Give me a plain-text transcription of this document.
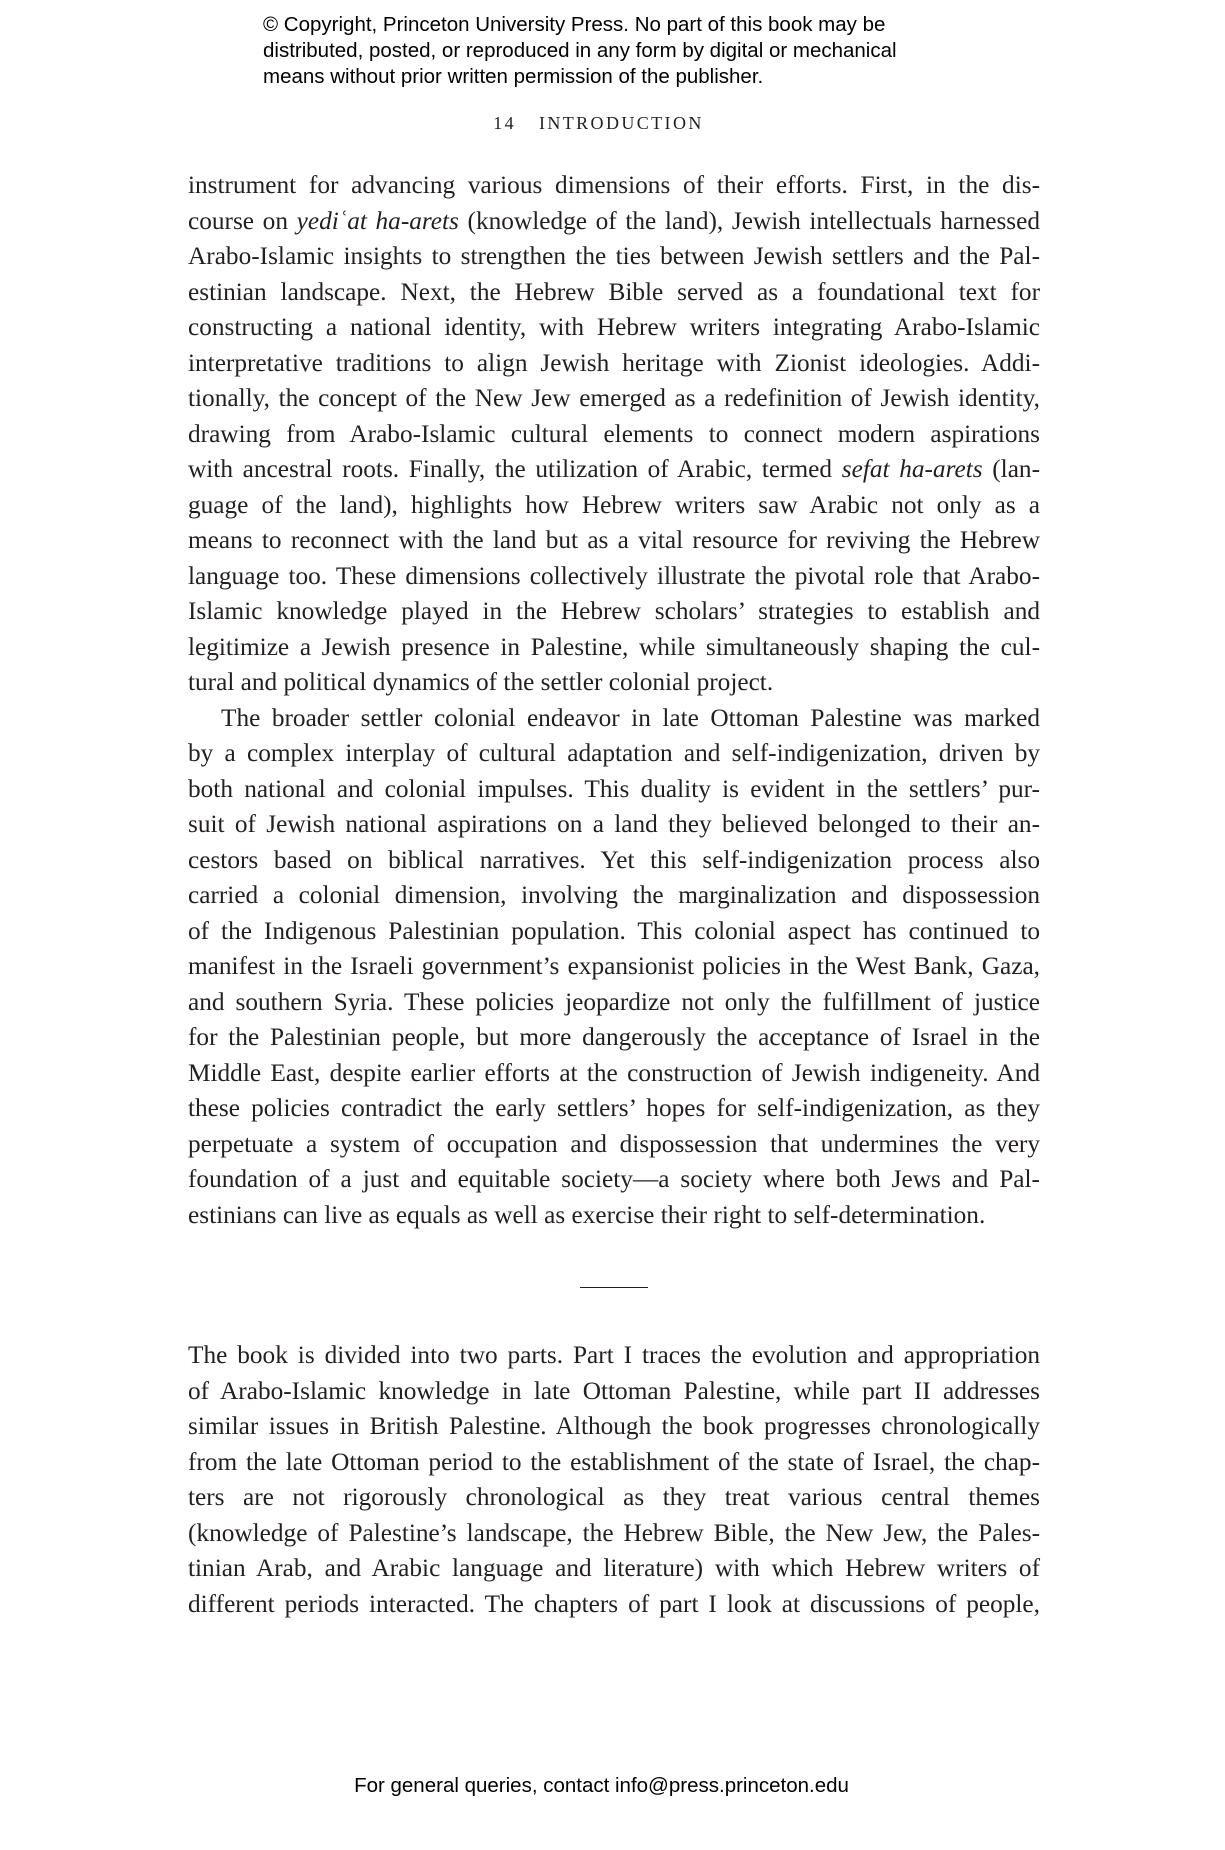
© Copyright, Princeton University Press. No part of this book may be
distributed, posted, or reproduced in any form by digital or mechanical
means without prior written permission of the publisher.
14 INTRODUCTION
instrument for advancing various dimensions of their efforts. First, in the dis-
course on yediʿat ha-arets (knowledge of the land), Jewish intellectuals harnessed
Arabo-Islamic insights to strengthen the ties between Jewish settlers and the Pal-
estinian landscape. Next, the Hebrew Bible served as a foundational text for
constructing a national identity, with Hebrew writers integrating Arabo-Islamic
interpretative traditions to align Jewish heritage with Zionist ideologies. Addi-
tionally, the concept of the New Jew emerged as a redefinition of Jewish identity,
drawing from Arabo-Islamic cultural elements to connect modern aspirations
with ancestral roots. Finally, the utilization of Arabic, termed sefat ha-arets (lan-
guage of the land), highlights how Hebrew writers saw Arabic not only as a
means to reconnect with the land but as a vital resource for reviving the Hebrew
language too. These dimensions collectively illustrate the pivotal role that Arabo-
Islamic knowledge played in the Hebrew scholars’ strategies to establish and
legitimize a Jewish presence in Palestine, while simultaneously shaping the cul-
tural and political dynamics of the settler colonial project.
The broader settler colonial endeavor in late Ottoman Palestine was marked
by a complex interplay of cultural adaptation and self-indigenization, driven by
both national and colonial impulses. This duality is evident in the settlers’ pur-
suit of Jewish national aspirations on a land they believed belonged to their an-
cestors based on biblical narratives. Yet this self-indigenization process also
carried a colonial dimension, involving the marginalization and dispossession
of the Indigenous Palestinian population. This colonial aspect has continued to
manifest in the Israeli government’s expansionist policies in the West Bank, Gaza,
and southern Syria. These policies jeopardize not only the fulfillment of justice
for the Palestinian people, but more dangerously the acceptance of Israel in the
Middle East, despite earlier efforts at the construction of Jewish indigeneity. And
these policies contradict the early settlers’ hopes for self-indigenization, as they
perpetuate a system of occupation and dispossession that undermines the very
foundation of a just and equitable society—a society where both Jews and Pal-
estinians can live as equals as well as exercise their right to self-determination.
The book is divided into two parts. Part I traces the evolution and appropriation
of Arabo-Islamic knowledge in late Ottoman Palestine, while part II addresses
similar issues in British Palestine. Although the book progresses chronologically
from the late Ottoman period to the establishment of the state of Israel, the chap-
ters are not rigorously chronological as they treat various central themes
(knowledge of Palestine’s landscape, the Hebrew Bible, the New Jew, the Pales-
tinian Arab, and Arabic language and literature) with which Hebrew writers of
different periods interacted. The chapters of part I look at discussions of people,
For general queries, contact info@press.princeton.edu
